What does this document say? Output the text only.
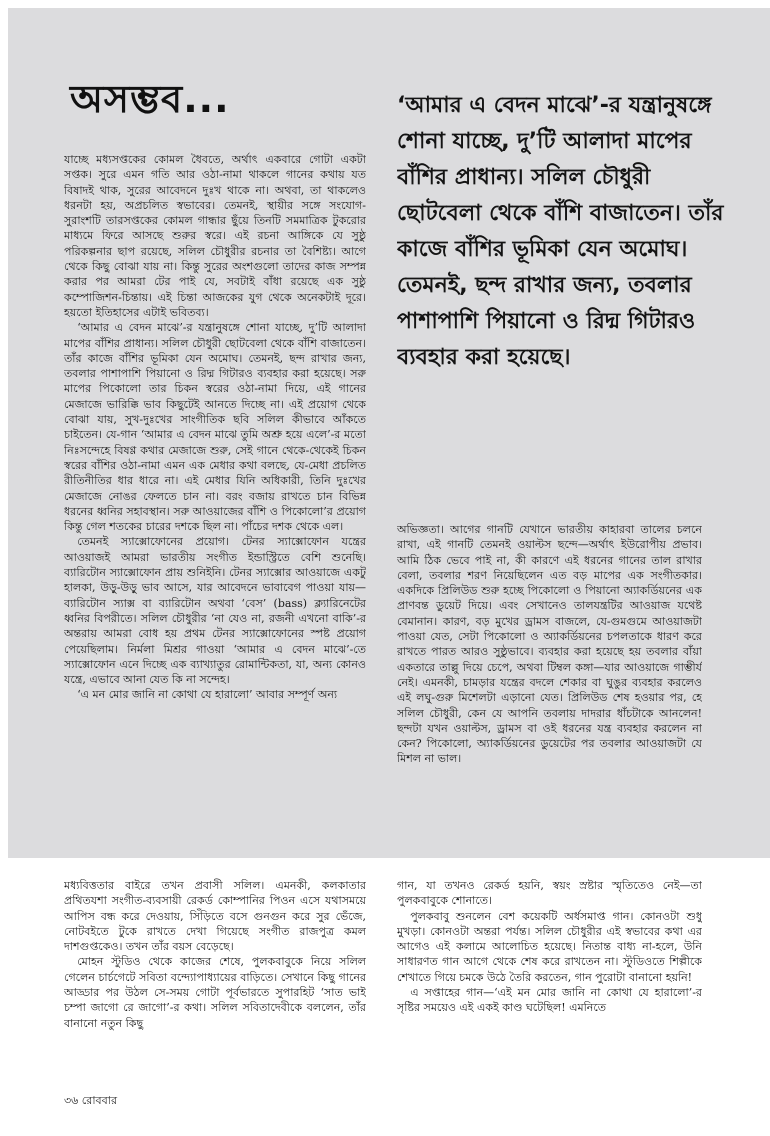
অসম্ভব...

যাচ্ছে মধ্যসপ্তকের কোমল ধৈবতে, অর্থাৎ একবারে গোটা একটা সপ্তক। সুরে এমন গতি আর ওঠা-নামা থাকলে গানের কথায় যত বিষাদই থাক, সুরের আবেদনে দুঃখ থাকে না। অথবা, তা থাকলেও ধরনটা হয়, অপ্রচলিত স্বভাবের। তেমনই, স্থায়ীর সঙ্গে সংযোগ-সুরাংশটি তারসপ্তকের কোমল গান্ধার ছুঁয়ে তিনটি সমমাত্রিক টুকরোর মাধ্যমে ফিরে আসছে শুরুর স্বরে। এই রচনা আঙ্গিকে যে সুষ্ঠু পরিকল্পনার ছাপ রয়েছে, সলিল চৌধুরীর রচনার তা বৈশিষ্ট্য। আগে থেকে কিছু বোঝা যায় না। কিন্তু সুরের অংশগুলো তাদের কাজ সম্পন্ন করার পর আমরা টের পাই যে, সবটাই বাঁধা রয়েছে এক সুষ্ঠু কম্পোজিশন-চিন্তায়। এই চিন্তা আজকের যুগ থেকে অনেকটাই দূরে। হয়তো ইতিহাসের এটাই ভবিতব্য।

‘আমার এ বেদন মাঝে’-র যন্ত্রানুষঙ্গে শোনা যাচ্ছে, দু’টি আলাদা মাপের বাঁশির প্রাধান্য। সলিল চৌধুরী ছোটবেলা থেকে বাঁশি বাজাতেন। তাঁর কাজে বাঁশির ভূমিকা যেন অমোঘ। তেমনই, ছন্দ রাখার জন্য, তবলার পাশাপাশি পিয়ানো ও রিদ্ম গিটারও ব্যবহার করা হয়েছে। সরু মাপের পিকোলো তার চিকন স্বরের ওঠা-নামা দিয়ে, এই গানের মেজাজে ভারিক্কি ভাব কিছুটেই আনতে দিচ্ছে না। এই প্রয়োগ থেকে বোঝা যায়, সুখ-দুঃখের সাংগীতিক ছবি সলিল কীভাবে আঁকতে চাইতেন। যে-গান ‘আমার এ বেদন মাঝে তুমি অশ্রু হয়ে এলে’-র মতো নিঃসন্দেহে বিষণ্ণ কথার মেজাজে শুরু, সেই গানে থেকে-থেকেই চিকন স্বরের বাঁশির ওঠা-নামা এমন এক মেধার কথা বলছে, যে-মেধা প্রচলিত রীতিনীতির ধার ধারে না। এই মেধার যিনি অধিকারী, তিনি দুঃখের মেজাজে নোঙর ফেলতে চান না। বরং বজায় রাখতে চান বিভিন্ন ধরনের ধ্বনির সহাবস্থান। সরু আওয়াজের বাঁশি ও পিকোলো’র প্রয়োগ কিন্তু গেল শতকের চারের দশকে ছিল না। পাঁচের দশক থেকে এল।

তেমনই স্যাক্সোফোনের প্রয়োগ। টেনর স্যাক্সোফোন যন্ত্রের আওয়াজই আমরা ভারতীয় সংগীত ইন্ডাস্ট্রিতে বেশি শুনেছি। ব্যারিটোন স্যাক্সোফোন প্রায় শুনিইনি। টেনর স্যাক্সোর আওয়াজে একটু হালকা, উড়ু-উড়ু ভাব আসে, যার আবেদনে ভাবাবেগ পাওয়া যায়—ব্যারিটোন স্যাক্স বা ব্যারিটোন অথবা ‘বেস’ (bass) ক্ল্যারিনেটের ধ্বনির বিপরীতে। সলিল চৌধুরীর ‘না যেও না, রজনী এখনো বাকি’-র অন্তরায় আমরা বোধ হয় প্রথম টেনর স্যাক্সোফোনের স্পষ্ট প্রয়োগ পেয়েছিলাম। নির্মলা মিশ্রর গাওয়া ‘আমার এ বেদন মাঝে’-তে স্যাক্সোফোন এনে দিচ্ছে এক ব্যাখ্যাতুর রোমান্টিকতা, যা, অন্য কোনও যন্ত্রে, এভাবে আনা যেত কি না সন্দেহ।

‘এ মন মোর জানি না কোথা যে হারালো’ আবার সম্পূর্ণ অন্য

‘আমার এ বেদন মাঝে’-র যন্ত্রানুষঙ্গে শোনা যাচ্ছে, দু’টি আলাদা মাপের বাঁশির প্রাধান্য। সলিল চৌধুরী ছোটবেলা থেকে বাঁশি বাজাতেন। তাঁর কাজে বাঁশির ভূমিকা যেন অমোঘ। তেমনই, ছন্দ রাখার জন্য, তবলার পাশাপাশি পিয়ানো ও রিদ্ম গিটারও ব্যবহার করা হয়েছে।

অভিজ্ঞতা। আগের গানটি যেখানে ভারতীয় কাহারবা তালের চলনে রাখা, এই গানটি তেমনই ওয়াল্টস ছন্দে—অর্থাৎ ইউরোপীয় প্রভাব। আমি ঠিক ভেবে পাই না, কী কারণে এই ধরনের গানের তাল রাখার বেলা, তবলার শরণ নিয়েছিলেন এত বড় মাপের এক সংগীতকার। একদিকে প্রিলিউড শুরু হচ্ছে পিকোলো ও পিয়ানো অ্যাকর্ডিয়নের এক প্রাণবন্ত ডুয়েট দিয়ে। এবং সেখানেও তালযন্ত্রটির আওয়াজ যথেষ্ট বেমানান। কারণ, বড় মুখের ড্রামস বাজলে, যে-গুমগুমে আওয়াজটা পাওয়া যেত, সেটা পিকোলো ও অ্যাকর্ডিয়নের চপলতাকে ধারণ করে রাখতে পারত আরও সুষ্ঠুভাবে। ব্যবহার করা হয়েছে হয় তবলার বাঁয়া একতারে তাল্লু দিয়ে চেপে, অথবা টিম্বল কঙ্গা—যার আওয়াজে গাম্ভীর্য নেই। এমনকী, চামড়ার যন্ত্রের বদলে শেকার বা ঘুঙুর ব্যবহার করলেও এই লঘু-গুরু মিশেলটা এড়ানো যেত। প্রিলিউড শেষ হওয়ার পর, হে সলিল চৌধুরী, কেন যে আপনি তবলায় দাদরার ধাঁচটাকে আনলেন! ছন্দটা যখন ওয়াল্টস, ড্রামস বা ওই ধরনের যন্ত্র ব্যবহার করলেন না কেন? পিকোলো, অ্যাকর্ডিয়নের ডুয়েটের পর তবলার আওয়াজটা যে মিশল না ভাল।

মধ্যবিত্ততার বাইরে তখন প্রবাসী সলিল। এমনকী, কলকাতার প্রথিতযশা সংগীত-ব্যবসায়ী রেকর্ড কোম্পানির পিওন এসে যথাসময়ে আপিস বন্ধ করে দেওয়ায়, সিঁড়িতে বসে গুনগুন করে সুর ভেঁজে, নোটবইতে টুকে রাখতে দেখা গিয়েছে সংগীত রাজপুত্র কমল দাশগুপ্তকেও। তখন তাঁর বয়স বেড়েছে।

মোহন স্টুডিও থেকে কাজের শেষে, পুলকবাবুকে নিয়ে সলিল গেলেন চার্চগেটে সবিতা বন্দ্যোপাধ্যায়ের বাড়িতে। সেখানে কিছু গানের আড্ডার পর উঠল সে-সময় গোটা পূর্বভারতে সুপারহিট ‘সাত ভাই চম্পা জাগো রে জাগো’-র কথা। সলিল সবিতাদেবীকে বললেন, তাঁর বানানো নতুন কিছু

গান, যা তখনও রেকর্ড হয়নি, স্বয়ং স্রষ্টার স্মৃতিতেও নেই—তা পুলকবাবুকে শোনাতে।

পুলকবাবু শুনলেন বেশ কয়েকটি অর্ধসমাপ্ত গান। কোনওটা শুধু মুখড়া। কোনওটা অন্তরা পর্যন্ত। সলিল চৌধুরীর এই স্বভাবের কথা এর আগেও এই কলামে আলোচিত হয়েছে। নিতান্ত বাধ্য না-হলে, উনি সাধারণত গান আগে থেকে শেষ করে রাখতেন না। স্টুডিওতে শিল্পীকে শেখাতে গিয়ে চমকে উঠে তৈরি করতেন, গান পুরোটা বানানো হয়নি!

এ সপ্তাহের গান—‘এই মন মোর জানি না কোথা যে হারালো’-র সৃষ্টির সময়েও এই একই কাণ্ড ঘটেছিল! এমনিতে

৩৬ রোববার
